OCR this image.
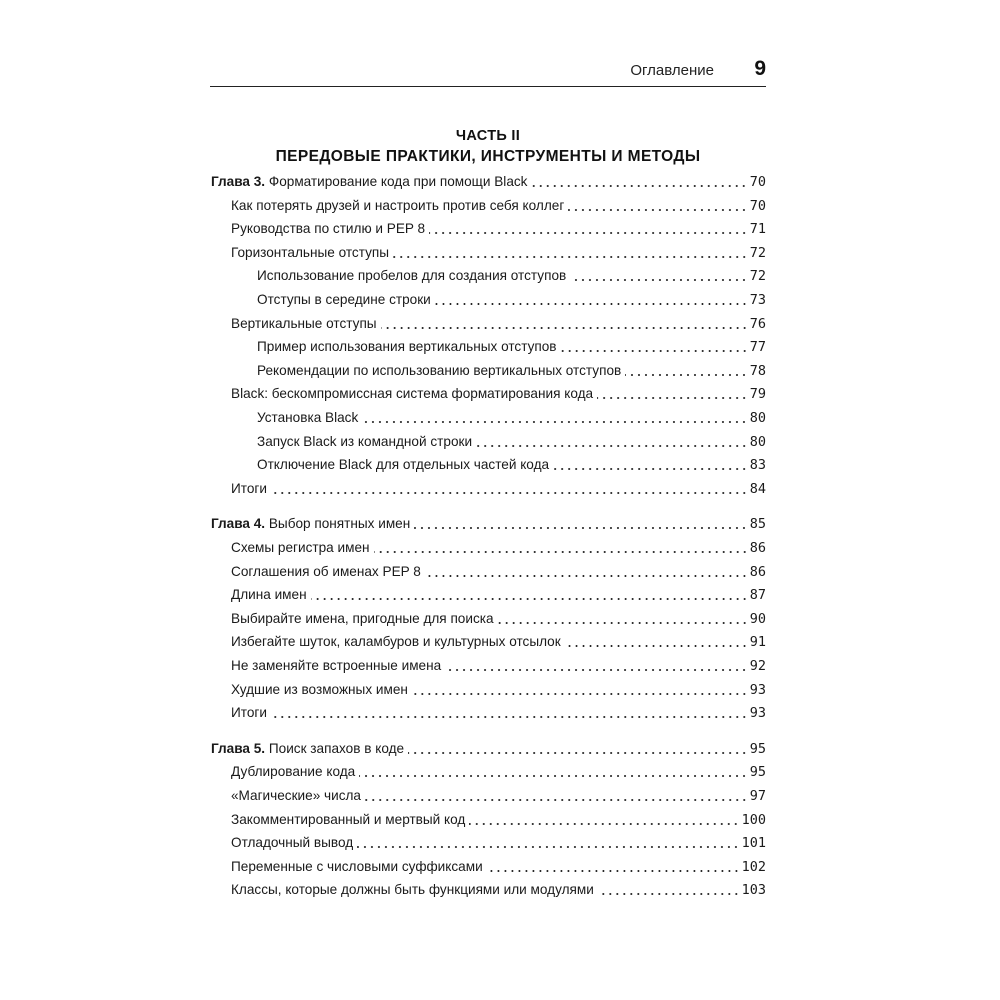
Оглавление 9
ЧАСТЬ II
ПЕРЕДОВЫЕ ПРАКТИКИ, ИНСТРУМЕНТЫ И МЕТОДЫ
Глава 3. Форматирование кода при помощи Black	70
Как потерять друзей и настроить против себя коллег	70
Руководства по стилю и PEP 8	71
Горизонтальные отступы	72
Использование пробелов для создания отступов	72
Отступы в середине строки	73
Вертикальные отступы	76
Пример использования вертикальных отступов	77
Рекомендации по использованию вертикальных отступов	78
Black: бескомпромиссная система форматирования кода	79
Установка Black	80
Запуск Black из командной строки	80
Отключение Black для отдельных частей кода	83
Итоги	84
Глава 4. Выбор понятных имен	85
Схемы регистра имен	86
Соглашения об именах PEP 8	86
Длина имен	87
Выбирайте имена, пригодные для поиска	90
Избегайте шуток, каламбуров и культурных отсылок	91
Не заменяйте встроенные имена	92
Худшие из возможных имен	93
Итоги	93
Глава 5. Поиск запахов в коде	95
Дублирование кода	95
«Магические» числа	97
Закомментированный и мертвый код	100
Отладочный вывод	101
Переменные с числовыми суффиксами	102
Классы, которые должны быть функциями или модулями	103
